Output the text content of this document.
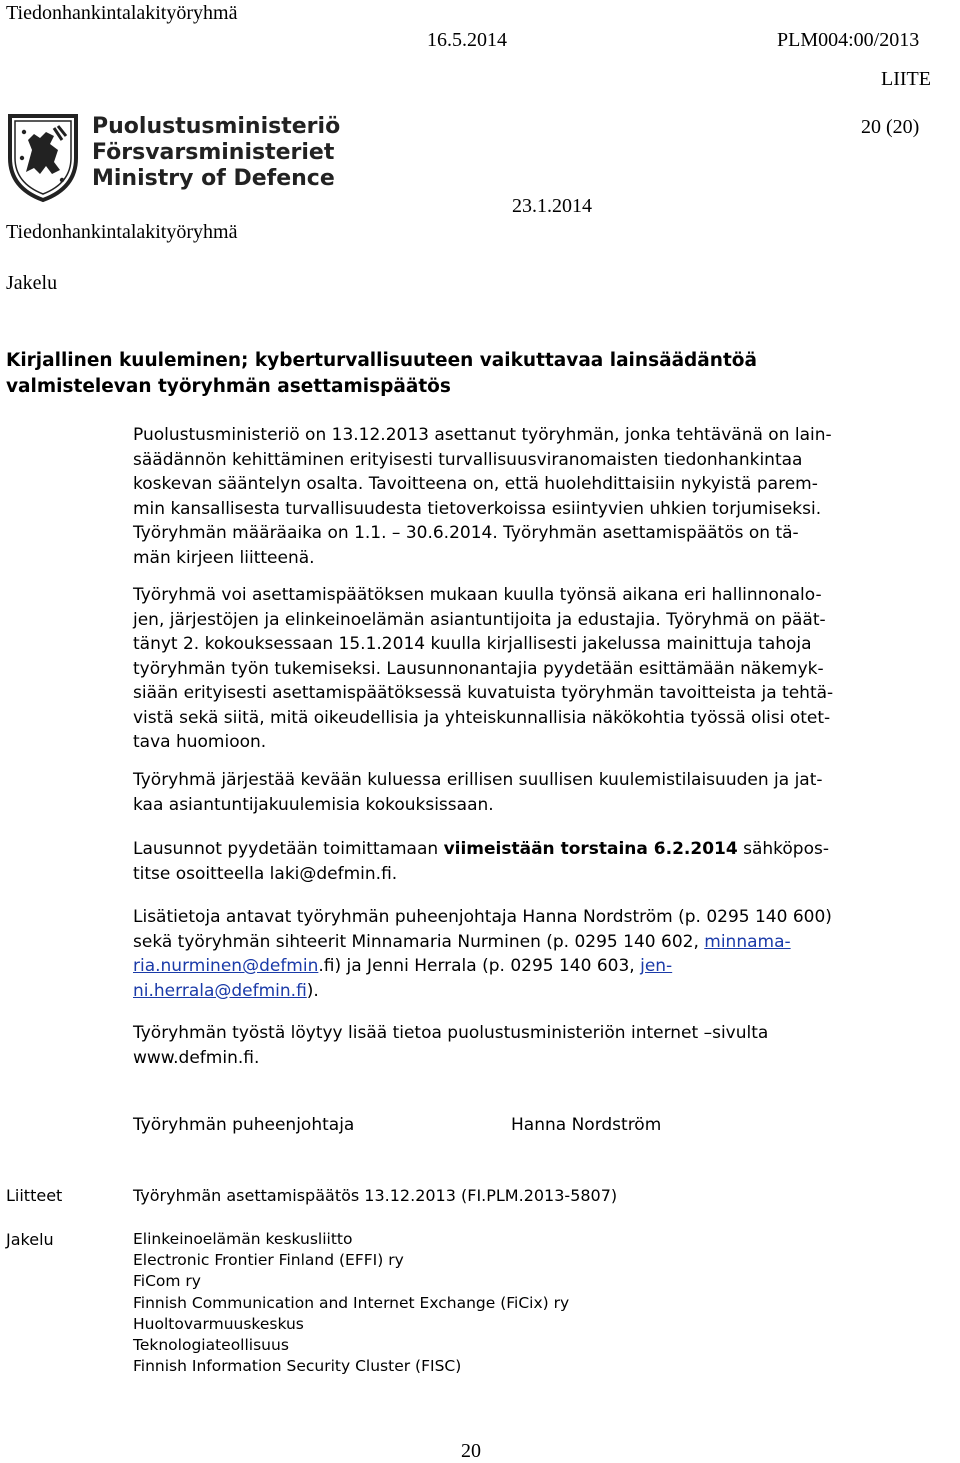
Tiedonhankintalakityöryhmä
16.5.2014	PLM004:00/2013
LIITE
20 (20)
Puolustusministeriö
Försvarsministeriet
Ministry of Defence
Tiedonhankintalakityöryhmä
23.1.2014
Jakelu
Kirjallinen kuuleminen; kyberturvallisuuteen vaikuttavaa lainsäädäntöä
valmistelevan työryhmän asettamispäätös
Puolustusministeriö on 13.12.2013 asettanut työryhmän, jonka tehtävänä on lain-
säädännön kehittäminen erityisesti turvallisuusviranomaisten tiedonhankintaa
koskevan sääntelyn osalta. Tavoitteena on, että huolehdittaisiin nykyistä parem-
min kansallisesta turvallisuudesta tietoverkoissa esiintyvien uhkien torjumiseksi.
Työryhmän määräaika on 1.1. – 30.6.2014. Työryhmän asettamispäätös on tä-
män kirjeen liitteenä.
Työryhmä voi asettamispäätöksen mukaan kuulla työnsä aikana eri hallinnonalo-
jen, järjestöjen ja elinkeinoelämän asiantuntijoita ja edustajia. Työryhmä on päät-
tänyt 2. kokouksessaan 15.1.2014 kuulla kirjallisesti jakelussa mainittuja tahoja
työryhmän työn tukemiseksi. Lausunnonantajia pyydetään esittämään näkemyk-
siään erityisesti asettamispäätöksessä kuvatuista työryhmän tavoitteista ja tehtä-
vistä sekä siitä, mitä oikeudellisia ja yhteiskunnallisia näkökohtia työssä olisi otet-
tava huomioon.
Työryhmä järjestää kevään kuluessa erillisen suullisen kuulemistilaisuuden ja jat-
kaa asiantuntijakuulemisia kokouksissaan.
Lausunnot pyydetään toimittamaan viimeistään torstaina 6.2.2014 sähköpos-
titse osoitteella laki@defmin.fi.
Lisätietoja antavat työryhmän puheenjohtaja Hanna Nordström (p. 0295 140 600)
sekä työryhmän sihteerit Minnamaria Nurminen (p. 0295 140 602, minnama-
ria.nurminen@defmin.fi) ja Jenni Herrala (p. 0295 140 603, jen-
ni.herrala@defmin.fi).
Työryhmän työstä löytyy lisää tietoa puolustusministeriön internet –sivulta
www.defmin.fi.
Työryhmän puheenjohtaja	Hanna Nordström
Liitteet	Työryhmän asettamispäätös 13.12.2013 (FI.PLM.2013-5807)
Jakelu	Elinkeinoelämän keskusliitto
Electronic Frontier Finland (EFFI) ry
FiCom ry
Finnish Communication and Internet Exchange (FiCix) ry
Huoltovarmuuskeskus
Teknologiateollisuus
Finnish Information Security Cluster (FISC)
20
